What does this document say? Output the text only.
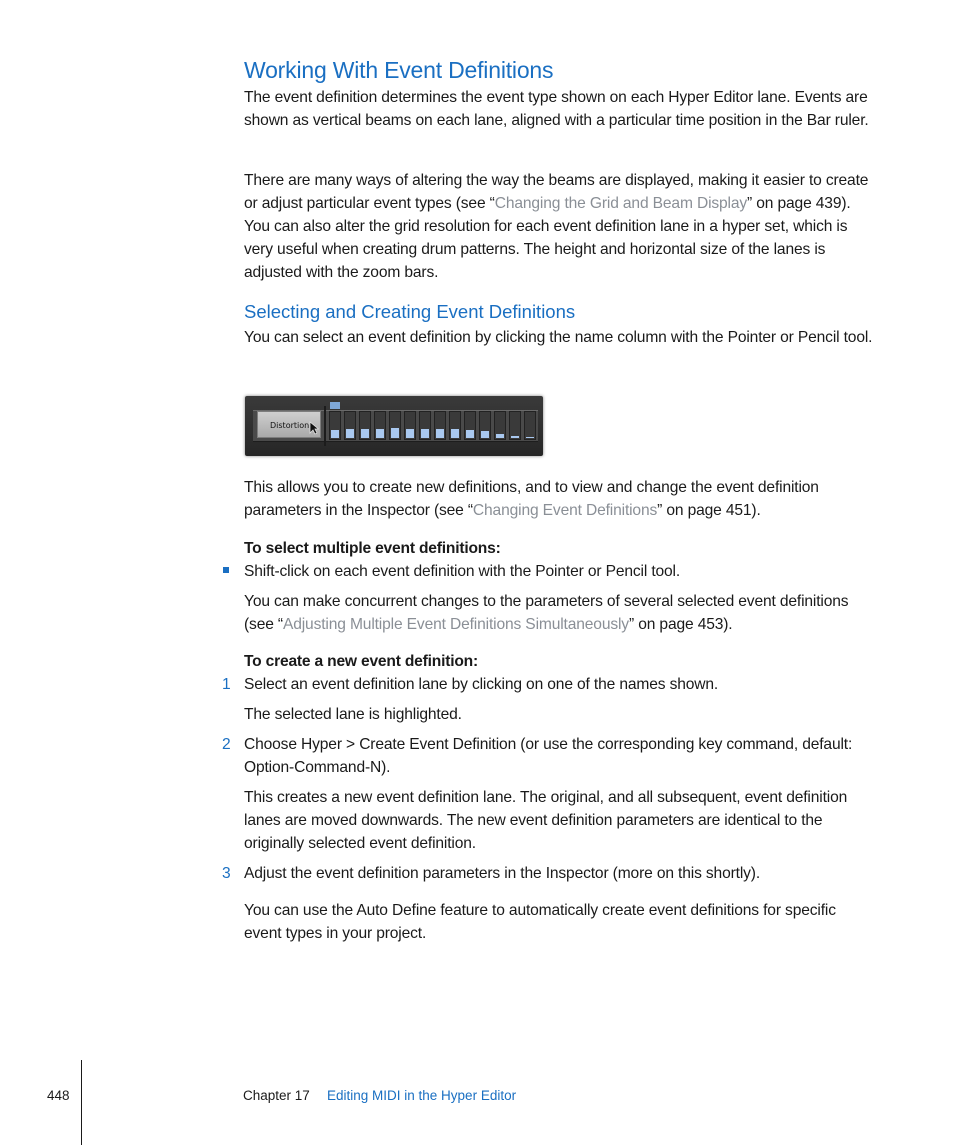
Working With Event Definitions

The event definition determines the event type shown on each Hyper Editor lane. Events are shown as vertical beams on each lane, aligned with a particular time position in the Bar ruler.

There are many ways of altering the way the beams are displayed, making it easier to create or adjust particular event types (see “Changing the Grid and Beam Display” on page 439). You can also alter the grid resolution for each event definition lane in a hyper set, which is very useful when creating drum patterns. The height and horizontal size of the lanes is adjusted with the zoom bars.

Selecting and Creating Event Definitions

You can select an event definition by clicking the name column with the Pointer or Pencil tool.

Distortion

This allows you to create new definitions, and to view and change the event definition parameters in the Inspector (see “Changing Event Definitions” on page 451).

To select multiple event definitions:

Shift-click on each event definition with the Pointer or Pencil tool.

You can make concurrent changes to the parameters of several selected event definitions (see “Adjusting Multiple Event Definitions Simultaneously” on page 453).

To create a new event definition:

1 Select an event definition lane by clicking on one of the names shown.

The selected lane is highlighted.

2 Choose Hyper > Create Event Definition (or use the corresponding key command, default: Option-Command-N).

This creates a new event definition lane. The original, and all subsequent, event definition lanes are moved downwards. The new event definition parameters are identical to the originally selected event definition.

3 Adjust the event definition parameters in the Inspector (more on this shortly).

You can use the Auto Define feature to automatically create event definitions for specific event types in your project.

448	Chapter 17 Editing MIDI in the Hyper Editor
